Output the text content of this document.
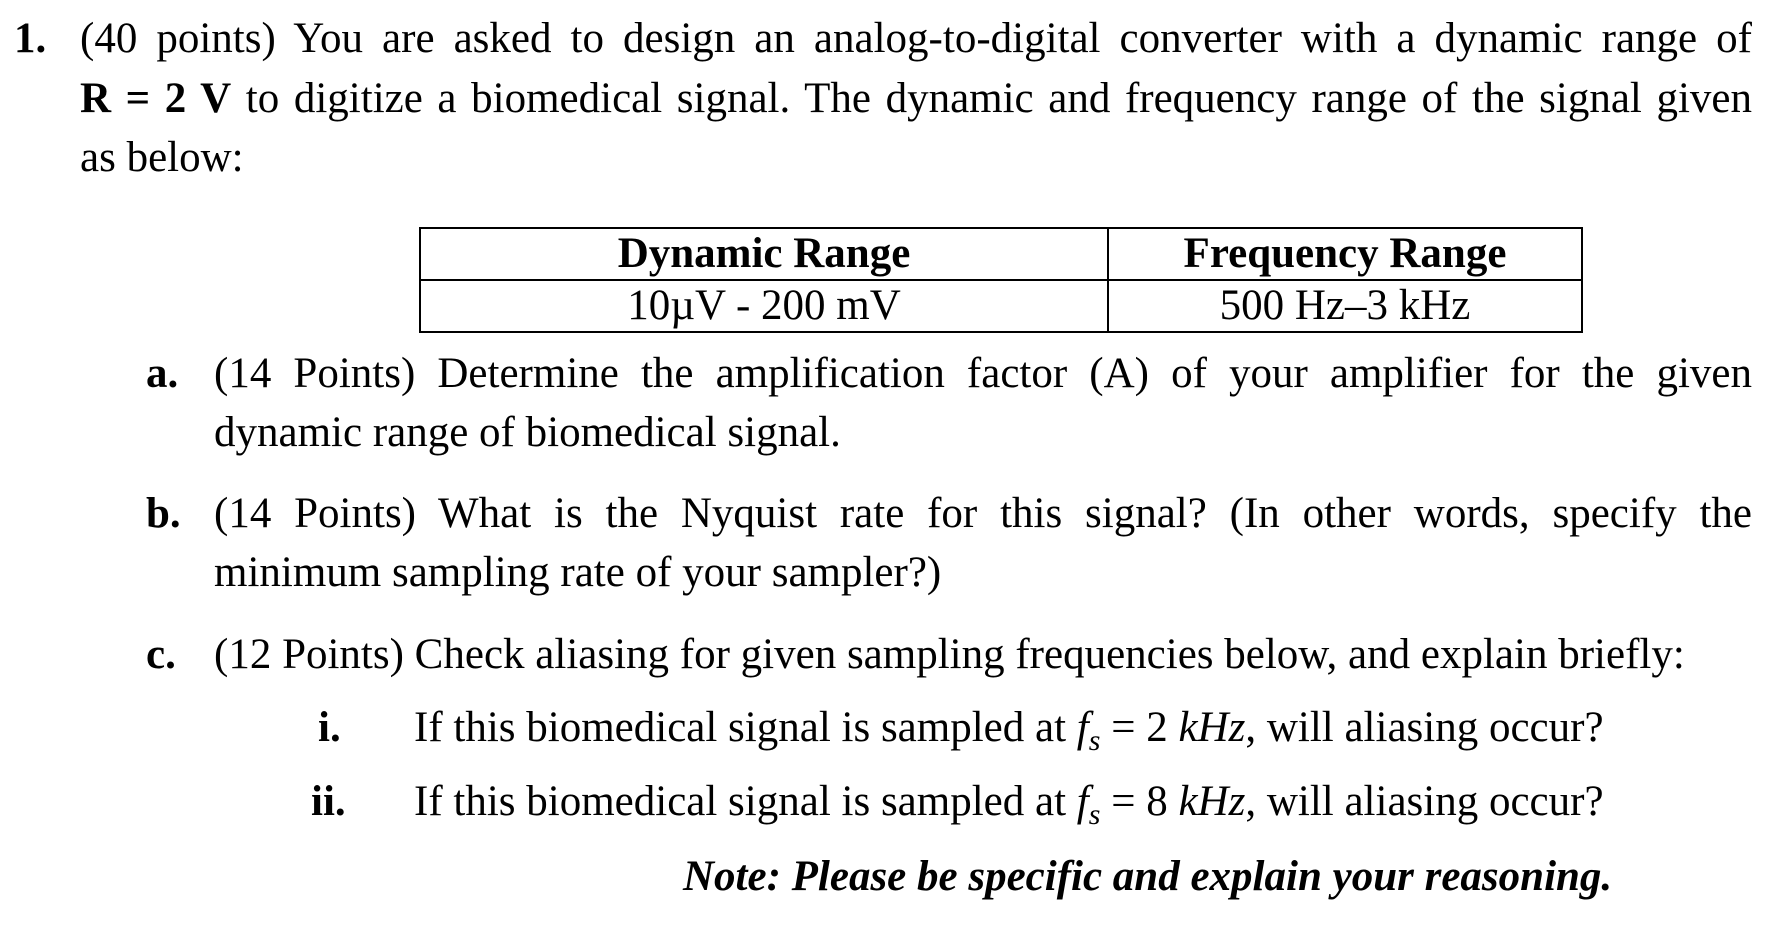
1. (40 points) You are asked to design an analog-to-digital converter with a dynamic range of
R = 2 V to digitize a biomedical signal. The dynamic and frequency range of the signal given
as below:
Dynamic Range	Frequency Range
10µV - 200 mV	500 Hz–3 kHz
a. (14 Points) Determine the amplification factor (A) of your amplifier for the given
dynamic range of biomedical signal.
b. (14 Points) What is the Nyquist rate for this signal? (In other words, specify the
minimum sampling rate of your sampler?)
c. (12 Points) Check aliasing for given sampling frequencies below, and explain briefly:
i. If this biomedical signal is sampled at $f_s = 2$ kHz, will aliasing occur?
ii. If this biomedical signal is sampled at $f_s = 8$ kHz, will aliasing occur?
Note: Please be specific and explain your reasoning.
